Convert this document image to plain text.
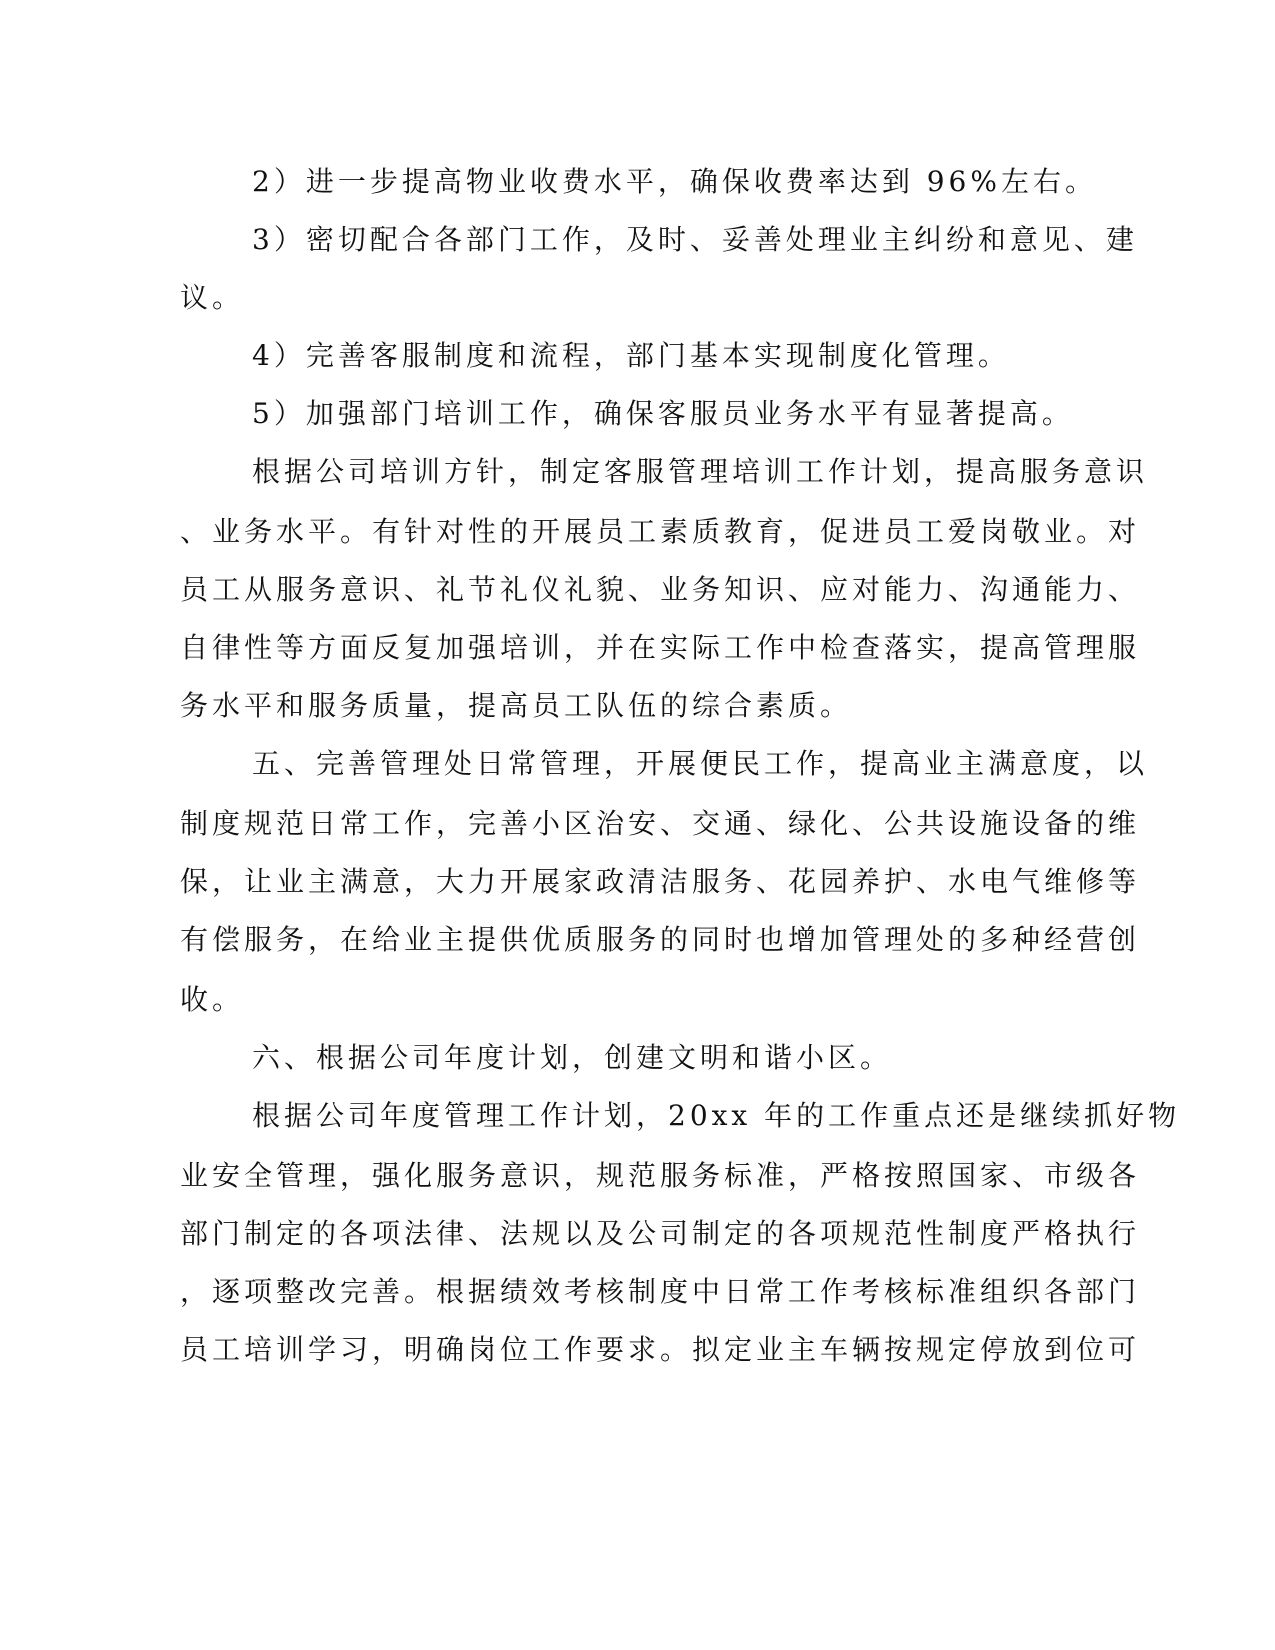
2）进一步提高物业收费水平，确保收费率达到 96%左右。
3）密切配合各部门工作，及时、妥善处理业主纠纷和意见、建
议。
4）完善客服制度和流程，部门基本实现制度化管理。
5）加强部门培训工作，确保客服员业务水平有显著提高。
根据公司培训方针，制定客服管理培训工作计划，提高服务意识
、业务水平。有针对性的开展员工素质教育，促进员工爱岗敬业。对
员工从服务意识、礼节礼仪礼貌、业务知识、应对能力、沟通能力、
自律性等方面反复加强培训，并在实际工作中检查落实，提高管理服
务水平和服务质量，提高员工队伍的综合素质。
五、完善管理处日常管理，开展便民工作，提高业主满意度，以
制度规范日常工作，完善小区治安、交通、绿化、公共设施设备的维
保，让业主满意，大力开展家政清洁服务、花园养护、水电气维修等
有偿服务，在给业主提供优质服务的同时也增加管理处的多种经营创
收。
六、根据公司年度计划，创建文明和谐小区。
根据公司年度管理工作计划，20xx 年的工作重点还是继续抓好物
业安全管理，强化服务意识，规范服务标准，严格按照国家、市级各
部门制定的各项法律、法规以及公司制定的各项规范性制度严格执行
，逐项整改完善。根据绩效考核制度中日常工作考核标准组织各部门
员工培训学习，明确岗位工作要求。拟定业主车辆按规定停放到位可
